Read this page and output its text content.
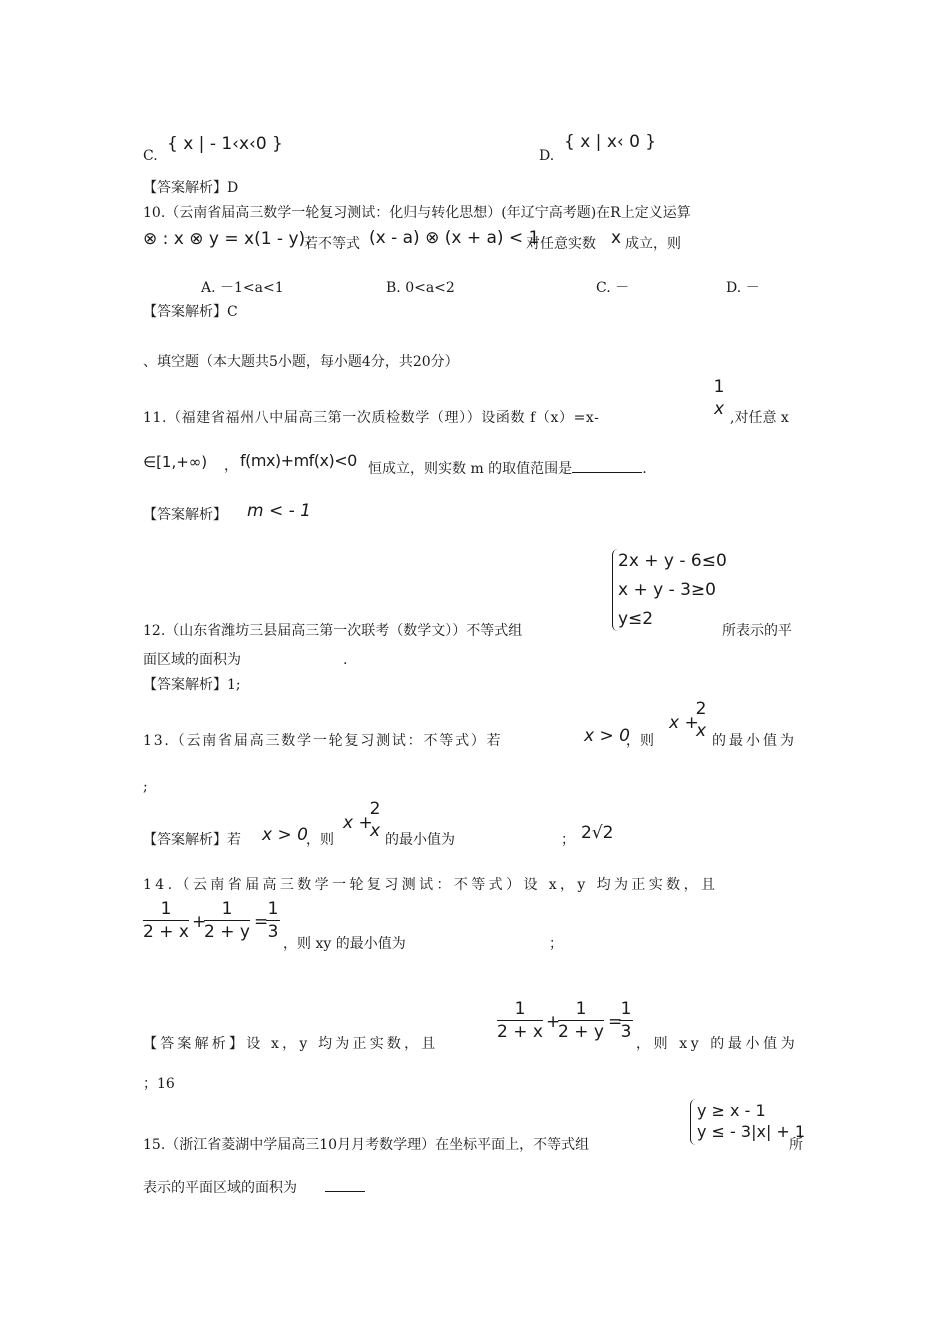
C.
{ x | - 1‹x‹0 }
D.
{ x | x‹ 0 }
【答案解析】D
10.（云南省届高三数学一轮复习测试：化归与转化思想）(年辽宁高考题)在R上定义运算
⊗ : x ⊗ y = x(1 - y).
若不等式 (x - a) ⊗ (x + a) < 1
对任意实数 x 成立，则
A. －1<a<1	B. 0<a<2	C. －	D. －
【答案解析】C
、填空题（本大题共5小题，每小题4分，共20分）
11.（福建省福州八中届高三第一次质检数学（理））设函数 f（x）=x-
1
x ,对任意 x
∈[1,+∞) ， f(mx)+mf(x)<0 恒成立，则实数 m 的取值范围是	.
【答案解析】 m < - 1
2x + y - 6≤0
x + y - 3≥0
y≤2
12.（山东省潍坊三县届高三第一次联考（数学文））不等式组	所表示的平
面区域的面积为	.
【答案解析】1;
13.（云南省届高三数学一轮复习测试：不等式）若	x > 0
，则
x +
2
x 的最小值为
;
【答案解析】若 x > 0
，则
x +
2
x 的最小值为	； 2√2
14.（云南省届高三数学一轮复习测试：不等式）设 x，y 均为正实数，且
1
2 + x +
1
2 + y =
1
3
，则 xy 的最小值为	；
【答案解析】设 x，y 均为正实数，且
1
2 + x +
1
2 + y =
1
3
，则 xy 的最小值为
；16
y ≥ x - 1
y ≤ - 3|x| + 1
15.（浙江省菱湖中学届高三10月月考数学理）在坐标平面上，不等式组	所
表示的平面区域的面积为
